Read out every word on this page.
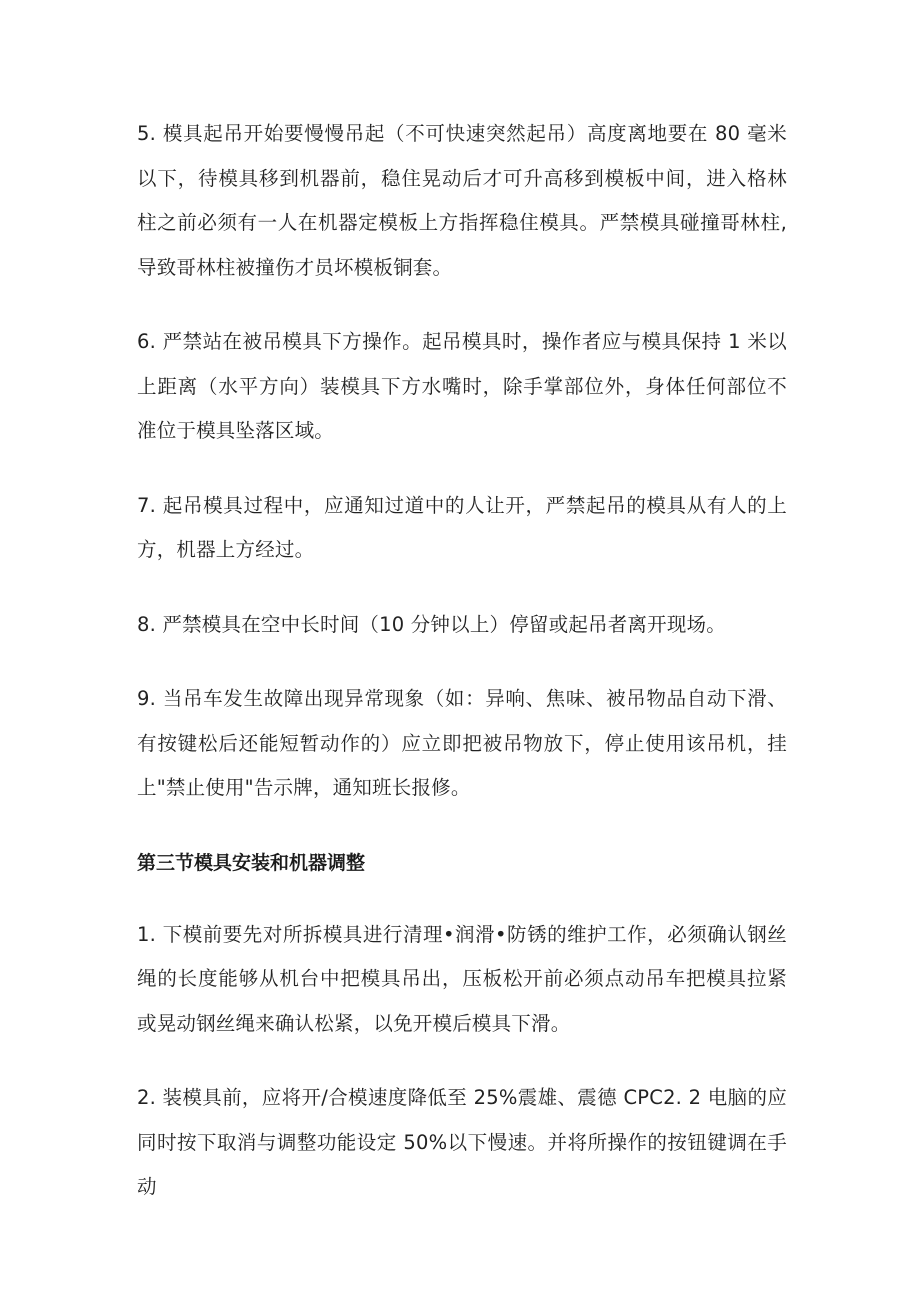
5. 模具起吊开始要慢慢吊起（不可快速突然起吊）高度离地要在 80 毫米以下，待模具移到机器前，稳住晃动后才可升高移到模板中间，进入格林柱之前必须有一人在机器定模板上方指挥稳住模具。严禁模具碰撞哥林柱,导致哥林柱被撞伤才员坏模板铜套。

6. 严禁站在被吊模具下方操作。起吊模具时，操作者应与模具保持 1 米以上距离（水平方向）装模具下方水嘴时，除手掌部位外，身体任何部位不准位于模具坠落区域。

7. 起吊模具过程中，应通知过道中的人让开，严禁起吊的模具从有人的上方，机器上方经过。

8. 严禁模具在空中长时间（10 分钟以上）停留或起吊者离开现场。

9. 当吊车发生故障出现异常现象（如：异响、焦味、被吊物品自动下滑、有按键松后还能短暂动作的）应立即把被吊物放下，停止使用该吊机，挂上"禁止使用"告示牌，通知班长报修。

第三节模具安装和机器调整

1. 下模前要先对所拆模具进行清理•润滑•防锈的维护工作，必须确认钢丝绳的长度能够从机台中把模具吊出，压板松开前必须点动吊车把模具拉紧或晃动钢丝绳来确认松紧，以免开模后模具下滑。

2. 装模具前，应将开/合模速度降低至 25%震雄、震德 CPC2. 2 电脑的应同时按下取消与调整功能设定 50%以下慢速。并将所操作的按钮键调在手动
